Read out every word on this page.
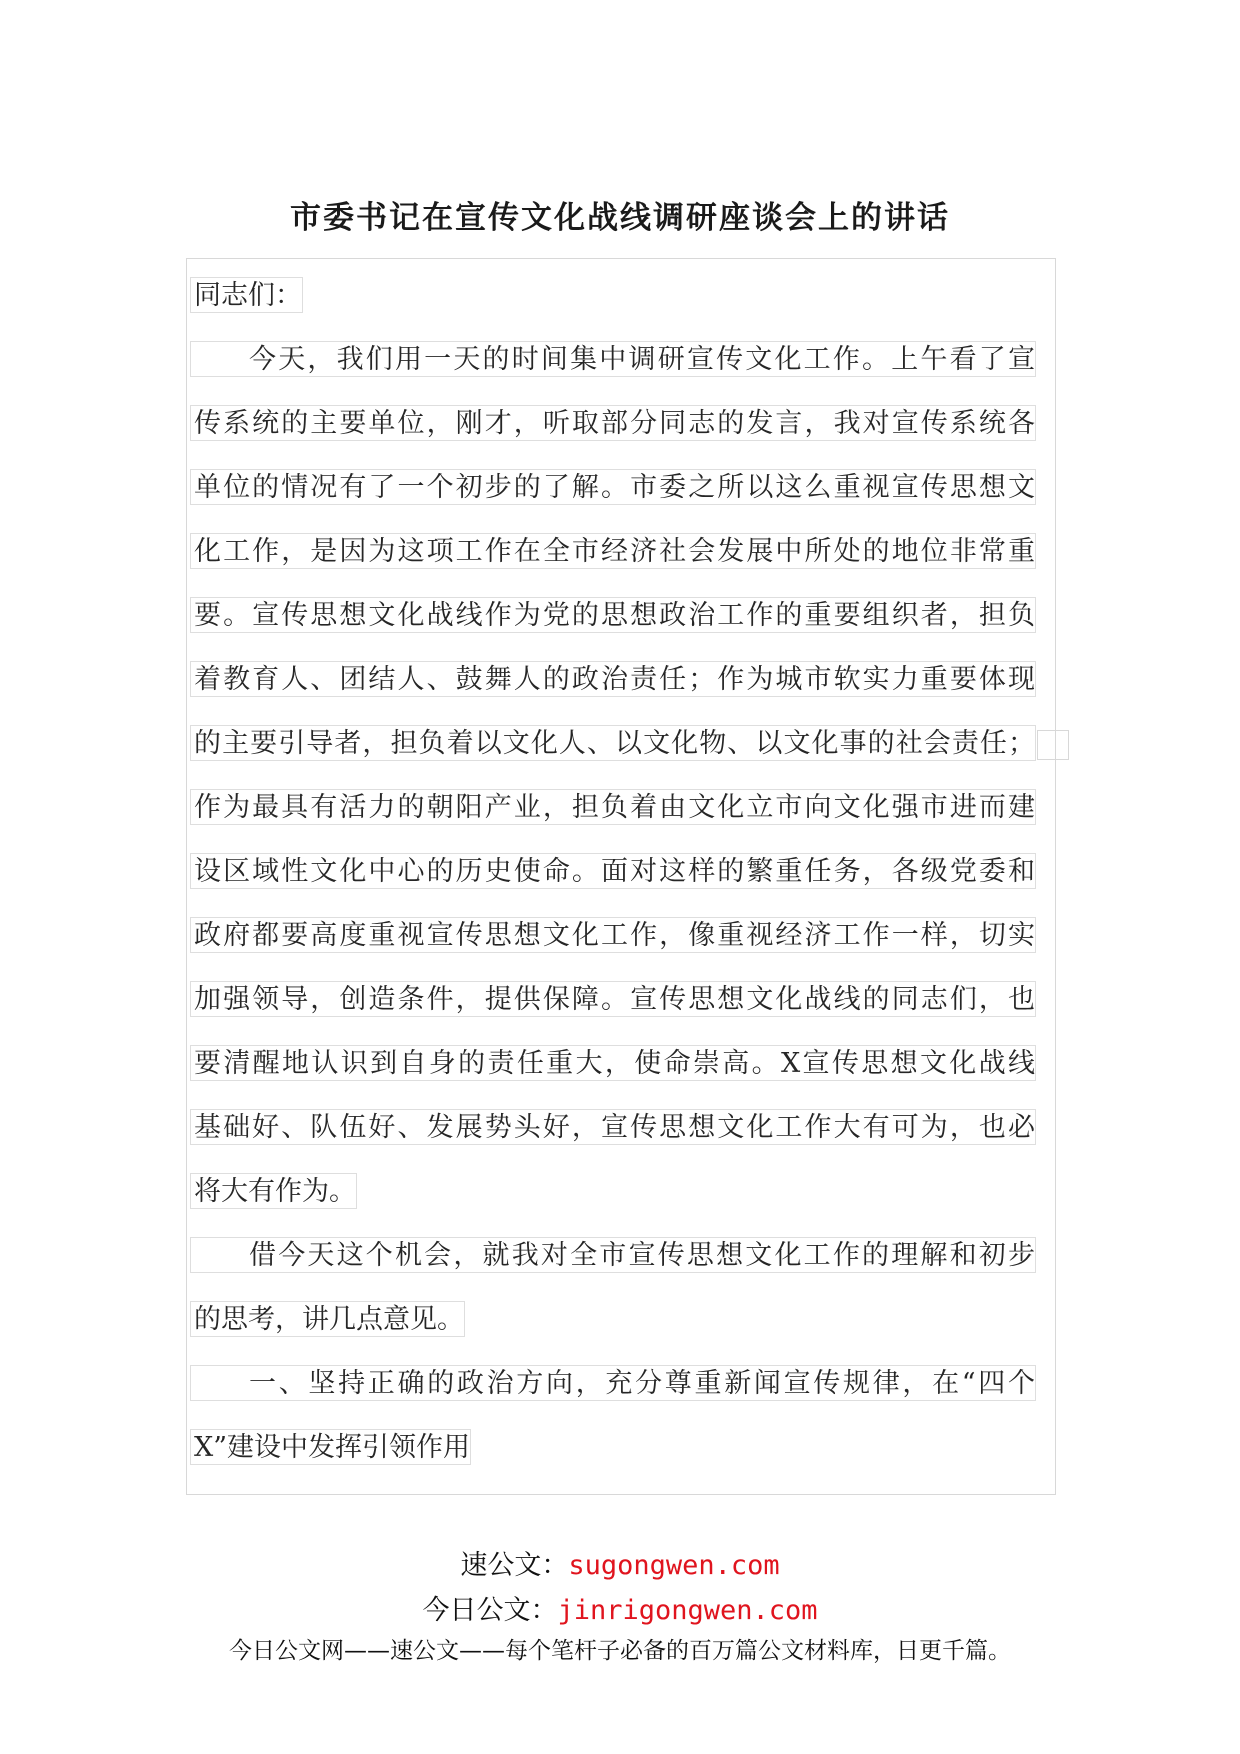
市委书记在宣传文化战线调研座谈会上的讲话
同志们：
今天，我们用一天的时间集中调研宣传文化工作。上午看了宣
传系统的主要单位，刚才，听取部分同志的发言，我对宣传系统各
单位的情况有了一个初步的了解。市委之所以这么重视宣传思想文
化工作，是因为这项工作在全市经济社会发展中所处的地位非常重
要。宣传思想文化战线作为党的思想政治工作的重要组织者，担负
着教育人、团结人、鼓舞人的政治责任；作为城市软实力重要体现
的主要引导者，担负着以文化人、以文化物、以文化事的社会责任；
作为最具有活力的朝阳产业，担负着由文化立市向文化强市进而建
设区域性文化中心的历史使命。面对这样的繁重任务，各级党委和
政府都要高度重视宣传思想文化工作，像重视经济工作一样，切实
加强领导，创造条件，提供保障。宣传思想文化战线的同志们，也
要清醒地认识到自身的责任重大，使命崇高。X宣传思想文化战线
基础好、队伍好、发展势头好，宣传思想文化工作大有可为，也必
将大有作为。
借今天这个机会，就我对全市宣传思想文化工作的理解和初步
的思考，讲几点意见。
一、坚持正确的政治方向，充分尊重新闻宣传规律，在“四个
X”建设中发挥引领作用
速公文：sugongwen.com
今日公文：jinrigongwen.com
今日公文网——速公文——每个笔杆子必备的百万篇公文材料库，日更千篇。
